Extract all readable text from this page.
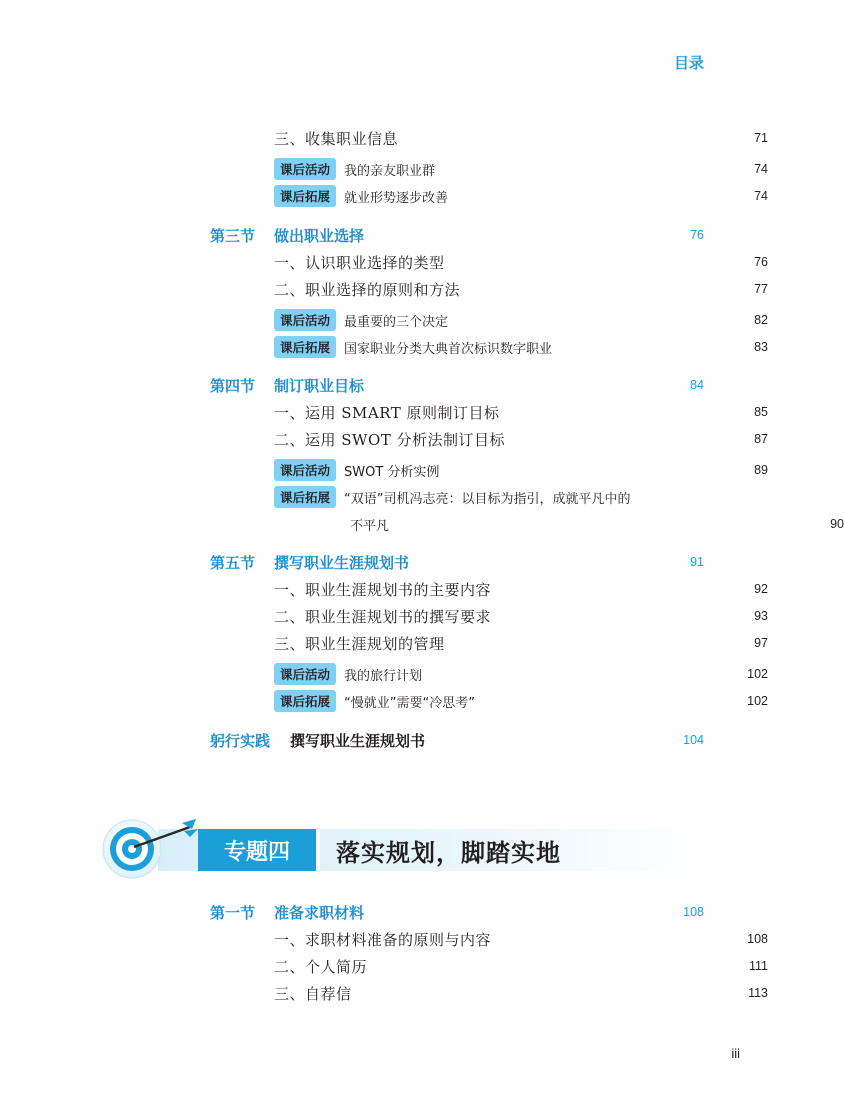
目录
三、收集职业信息	71
课后活动	我的亲友职业群	74
课后拓展	就业形势逐步改善	74
第三节	做出职业选择	76
一、认识职业选择的类型	76
二、职业选择的原则和方法	77
课后活动	最重要的三个决定	82
课后拓展	国家职业分类大典首次标识数字职业	83
第四节	制订职业目标	84
一、运用 SMART 原则制订目标	85
二、运用 SWOT 分析法制订目标	87
课后活动	SWOT 分析实例	89
课后拓展	“双语”司机冯志亮：以目标为指引，成就平凡中的
不平凡	90
第五节	撰写职业生涯规划书	91
一、职业生涯规划书的主要内容	92
二、职业生涯规划书的撰写要求	93
三、职业生涯规划的管理	97
课后活动	我的旅行计划	102
课后拓展	“慢就业”需要“冷思考”	102
躬行实践	撰写职业生涯规划书	104
专题四	落实规划，脚踏实地
第一节	准备求职材料	108
一、求职材料准备的原则与内容	108
二、个人简历	111
三、自荐信	113
iii
